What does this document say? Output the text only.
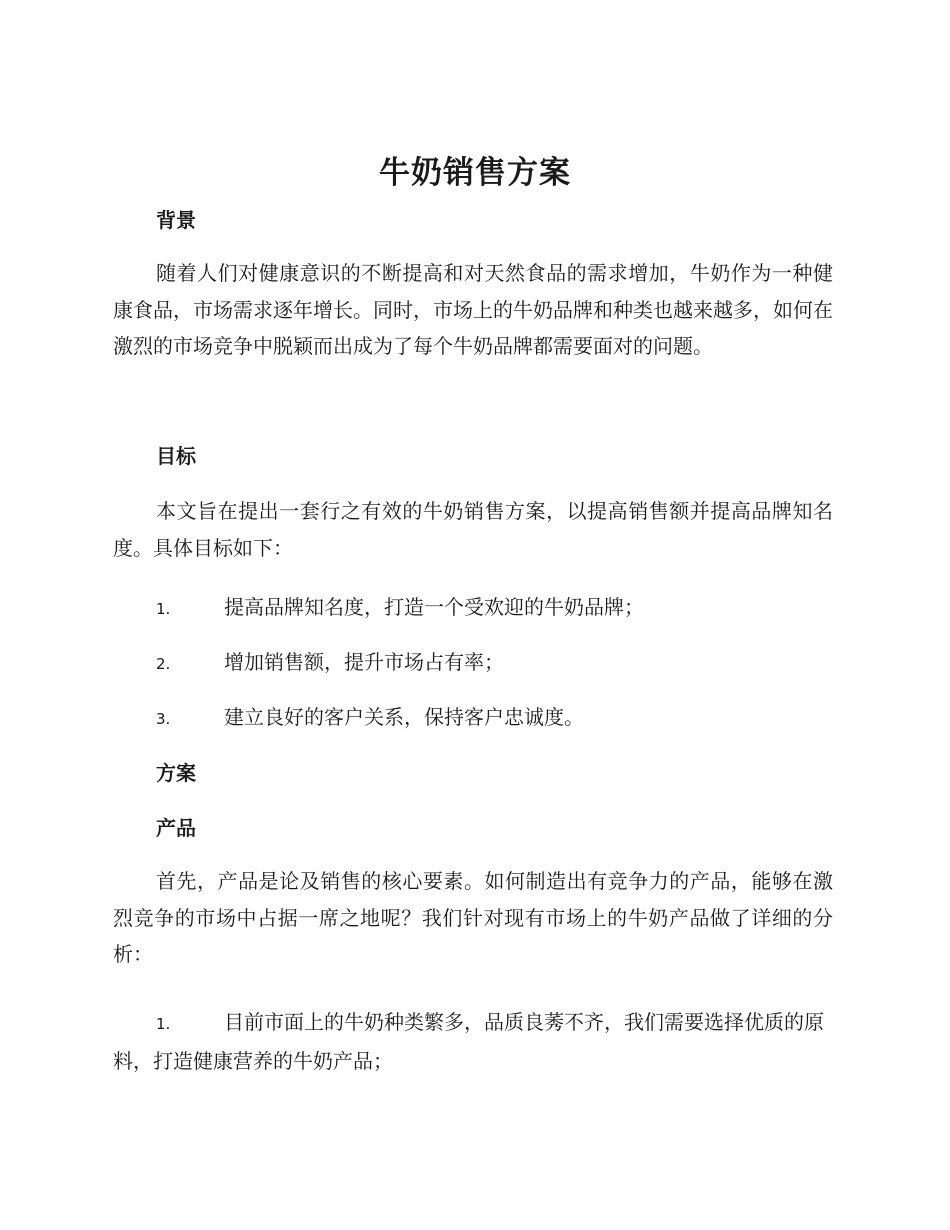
牛奶销售方案
背景

随着人们对健康意识的不断提高和对天然食品的需求增加，牛奶作为一种健康食品，市场需求逐年增长。同时，市场上的牛奶品牌和种类也越来越多，如何在激烈的市场竞争中脱颖而出成为了每个牛奶品牌都需要面对的问题。

目标

本文旨在提出一套行之有效的牛奶销售方案，以提高销售额并提高品牌知名度。具体目标如下：

1.	提高品牌知名度，打造一个受欢迎的牛奶品牌；

2.	增加销售额，提升市场占有率；

3.	建立良好的客户关系，保持客户忠诚度。

方案
产品

首先，产品是论及销售的核心要素。如何制造出有竞争力的产品，能够在激烈竞争的市场中占据一席之地呢？我们针对现有市场上的牛奶产品做了详细的分析：

1.	目前市面上的牛奶种类繁多，品质良莠不齐，我们需要选择优质的原料，打造健康营养的牛奶产品；
